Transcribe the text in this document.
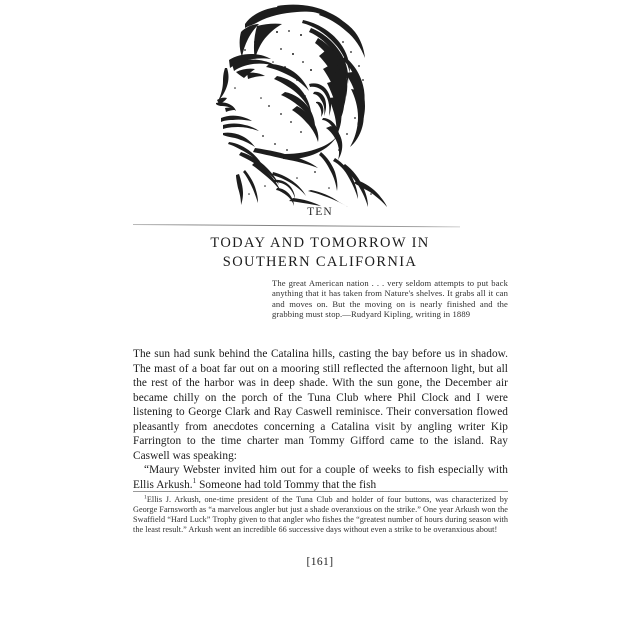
TEN
TODAY AND TOMORROW IN
SOUTHERN CALIFORNIA
The great American nation . . . very seldom attempts to put back anything that it has taken from Nature's shelves. It grabs all it can and moves on. But the moving on is nearly finished and the grabbing must stop.—Rudyard Kipling, writing in 1889

The sun had sunk behind the Catalina hills, casting the bay before us in shadow. The mast of a boat far out on a mooring still reflected the afternoon light, but all the rest of the harbor was in deep shade. With the sun gone, the December air became chilly on the porch of the Tuna Club where Phil Clock and I were listening to George Clark and Ray Caswell reminisce. Their conversation flowed pleasantly from anecdotes concerning a Catalina visit by angling writer Kip Farrington to the time charter man Tommy Gifford came to the island. Ray Caswell was speaking:

“Maury Webster invited him out for a couple of weeks to fish especially with Ellis Arkush.$^1$ Someone had told Tommy that the fish

$^1$Ellis J. Arkush, one-time president of the Tuna Club and holder of four buttons, was characterized by George Farnsworth as “a marvelous angler but just a shade overanxious on the strike.” One year Arkush won the Swaffield “Hard Luck” Trophy given to that angler who fishes the “greatest number of hours during season with the least result.” Arkush went an incredible 66 successive days without even a strike to be overanxious about!

[161]
